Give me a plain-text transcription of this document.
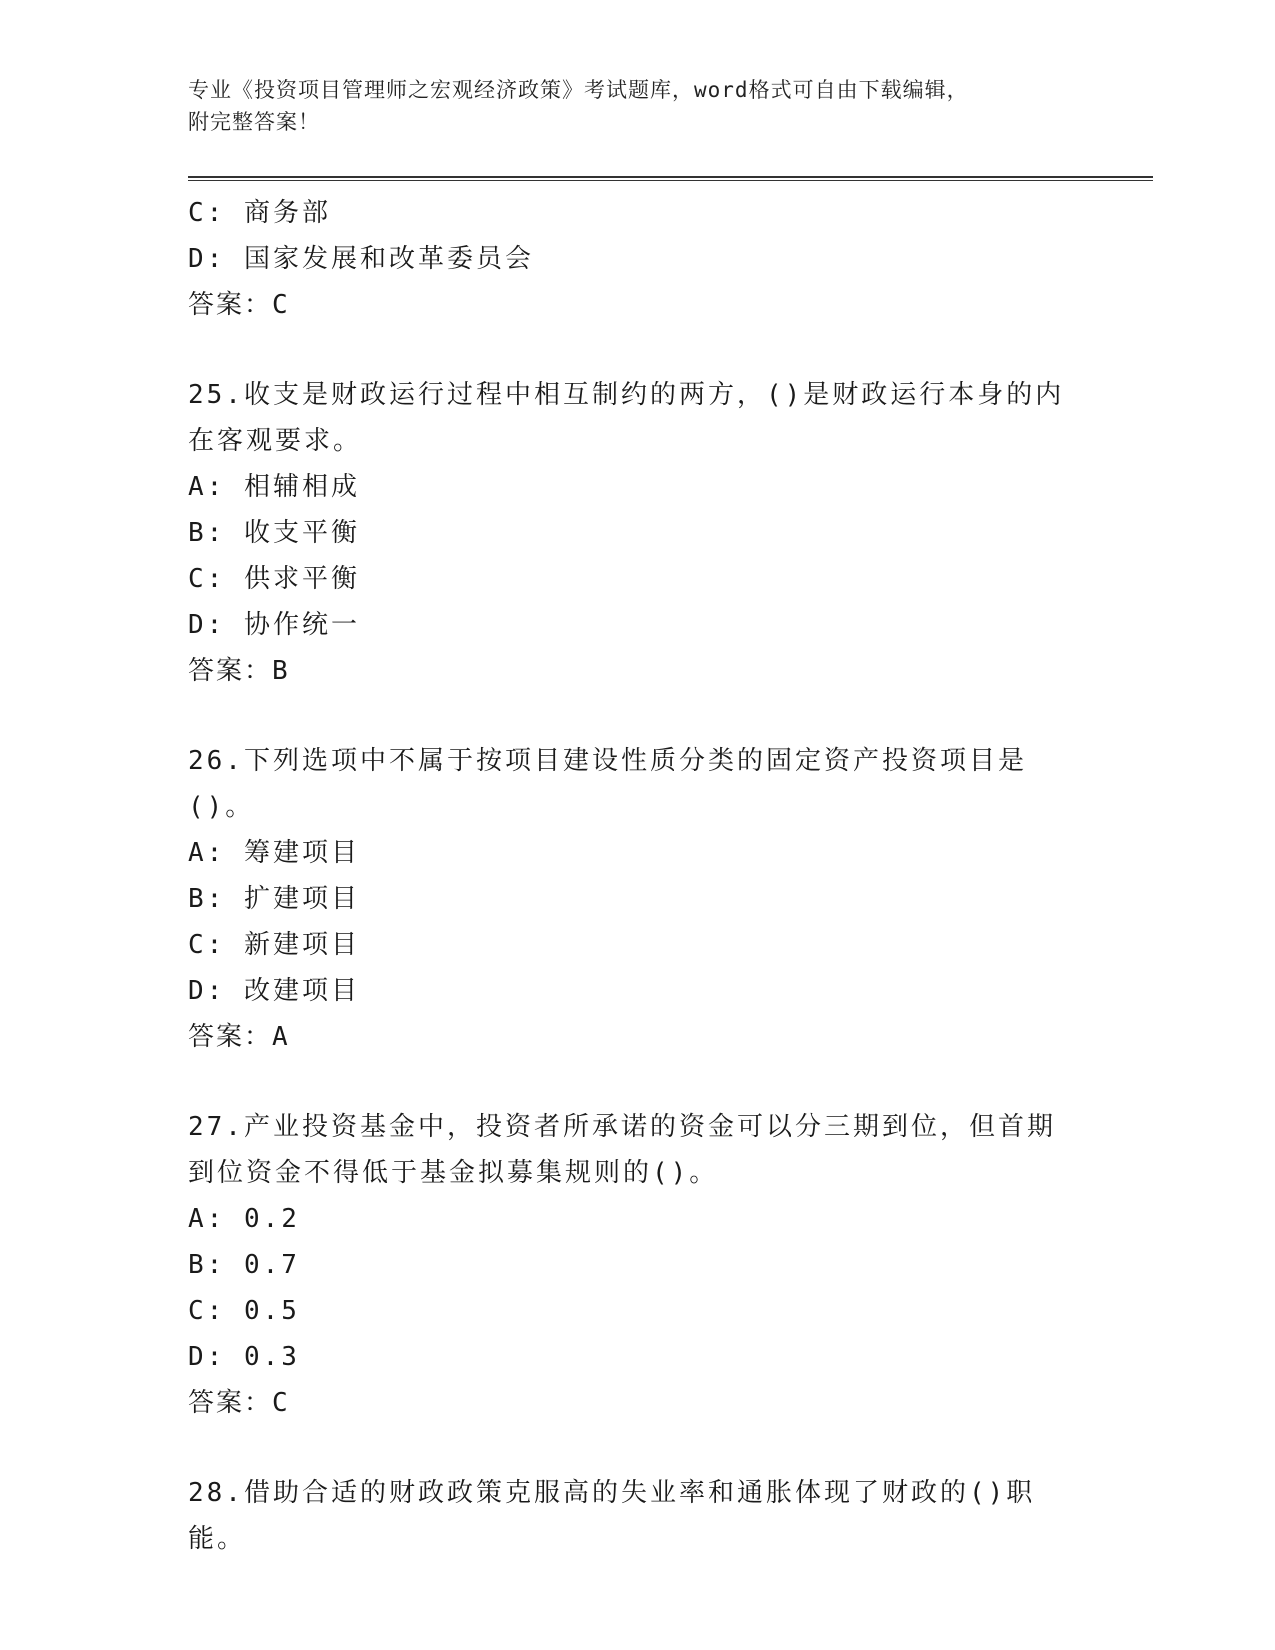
专业《投资项目管理师之宏观经济政策》考试题库，word格式可自由下载编辑，
附完整答案！
C: 商务部
D: 国家发展和改革委员会
答案：C
25.收支是财政运行过程中相互制约的两方，()是财政运行本身的内在客观要求。
A: 相辅相成
B: 收支平衡
C: 供求平衡
D: 协作统一
答案：B
26.下列选项中不属于按项目建设性质分类的固定资产投资项目是()。
A: 筹建项目
B: 扩建项目
C: 新建项目
D: 改建项目
答案：A
27.产业投资基金中，投资者所承诺的资金可以分三期到位，但首期到位资金不得低于基金拟募集规则的()。
A: 0.2
B: 0.7
C: 0.5
D: 0.3
答案：C
28.借助合适的财政政策克服高的失业率和通胀体现了财政的()职能。
